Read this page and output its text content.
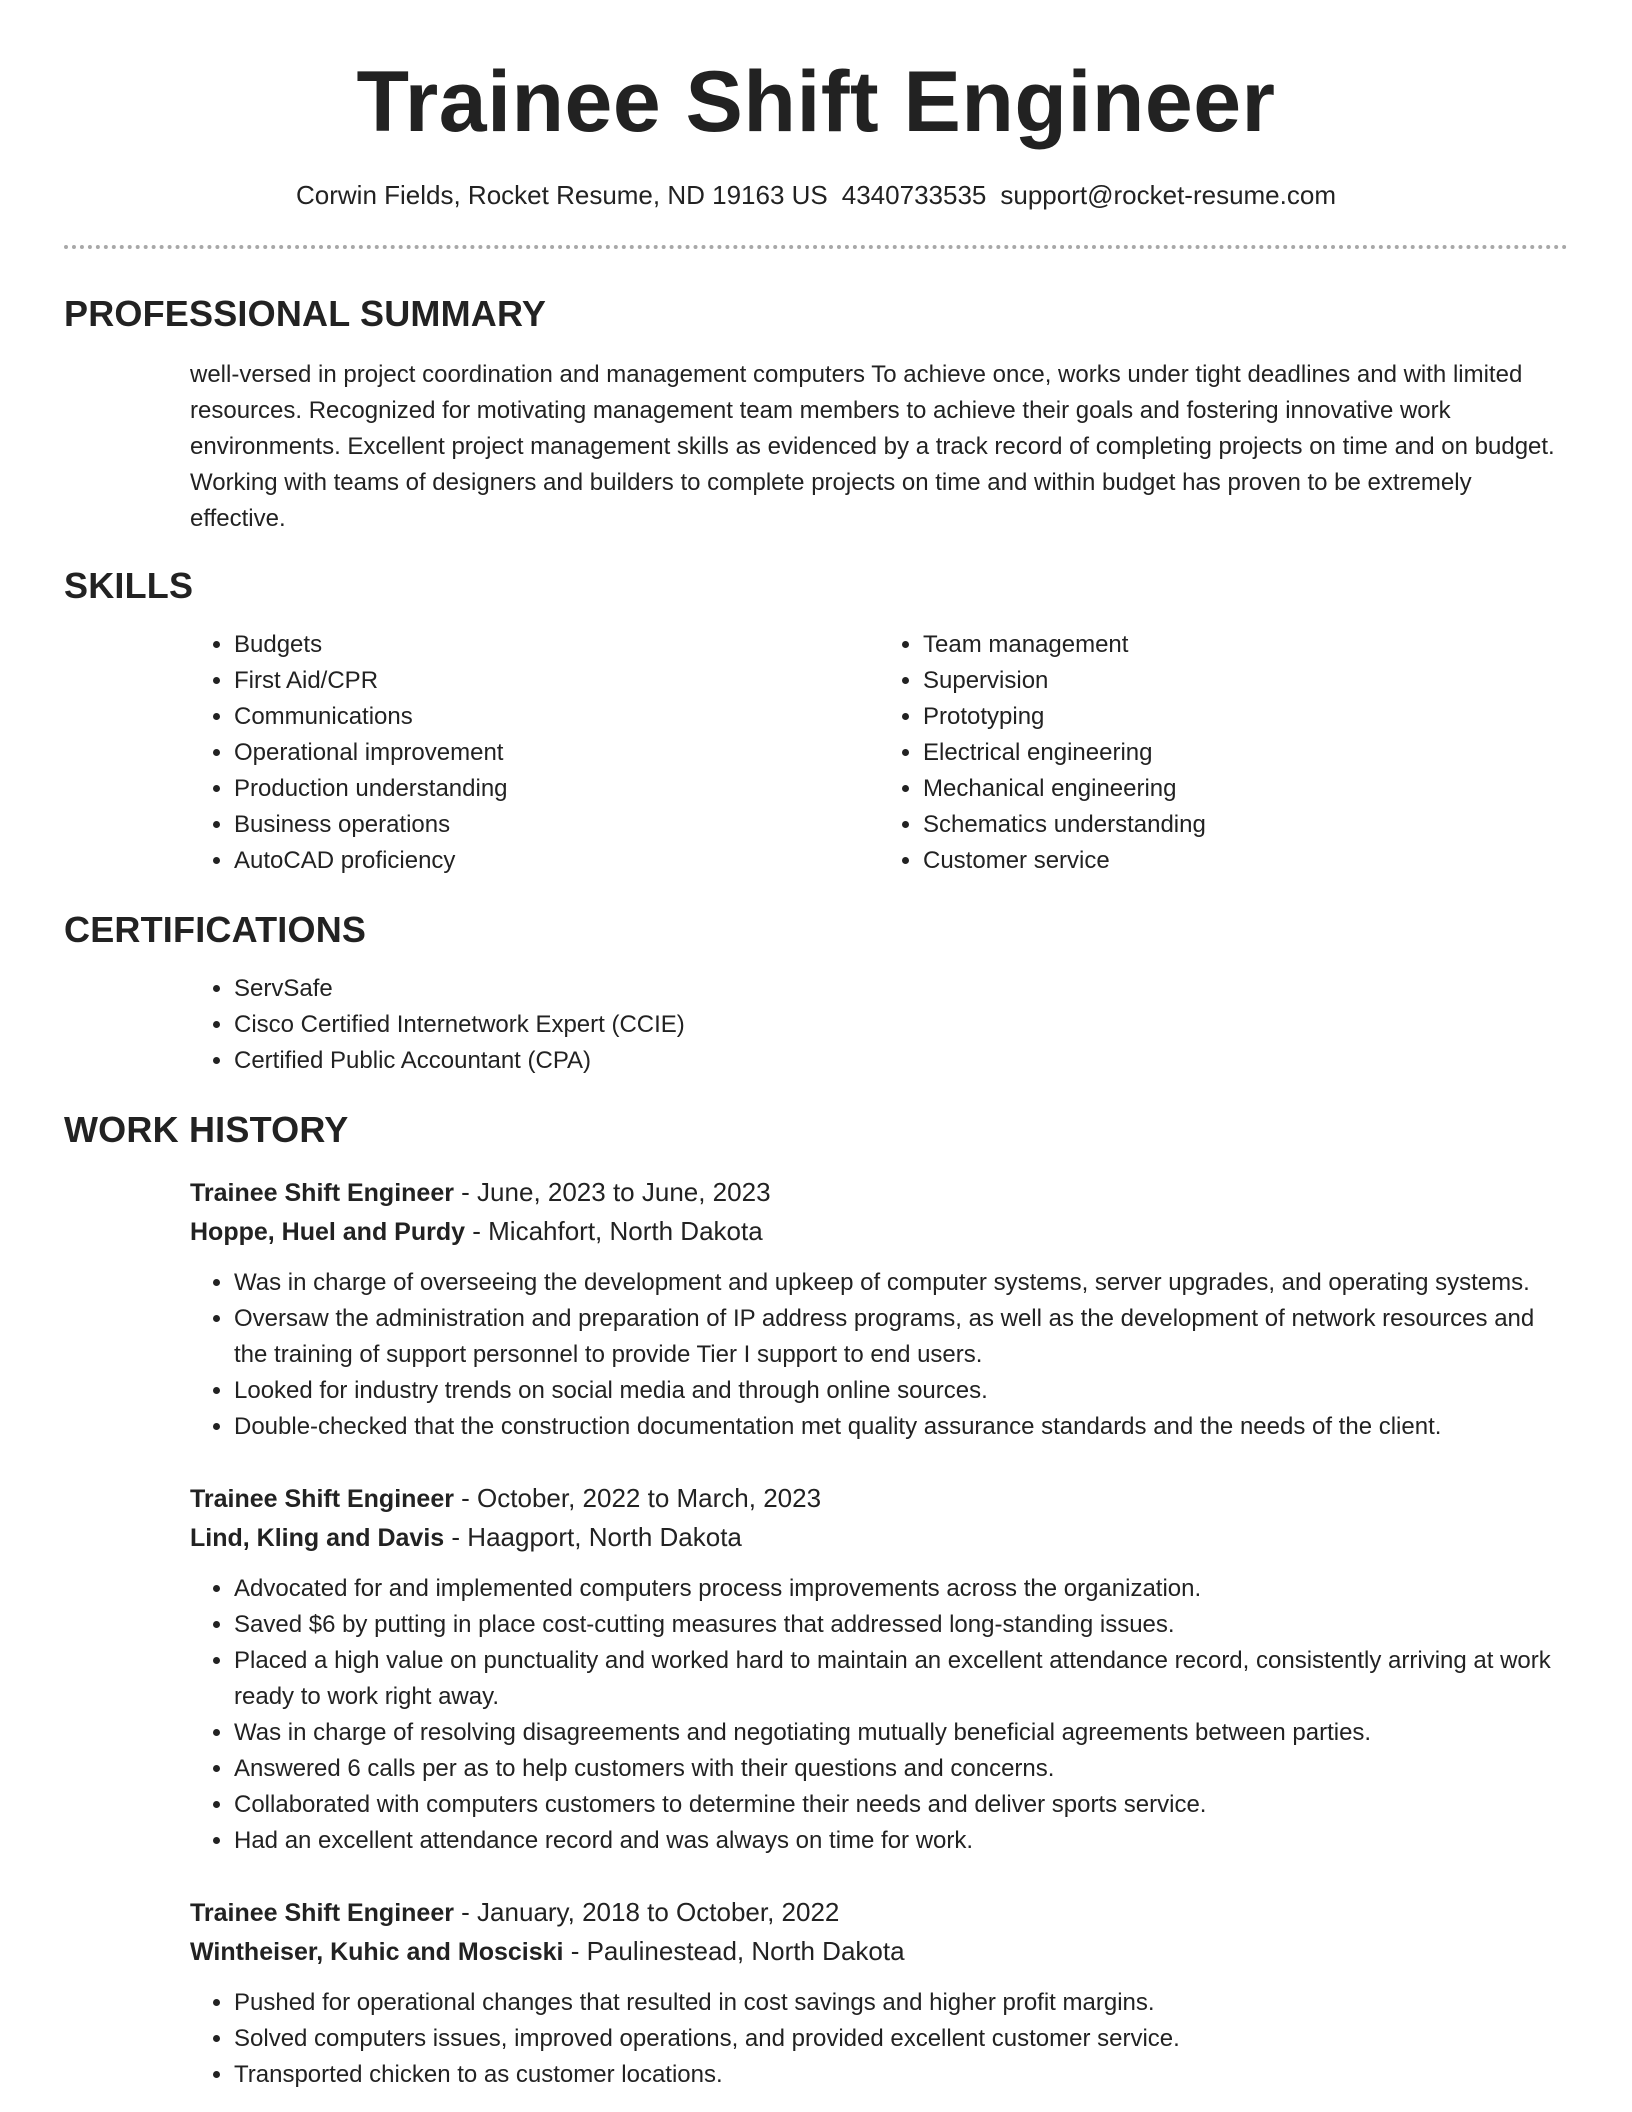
Trainee Shift Engineer
Corwin Fields, Rocket Resume, ND 19163 US 4340733535 support@rocket-resume.com
PROFESSIONAL SUMMARY
well-versed in project coordination and management computers To achieve once, works under tight deadlines and with limited resources. Recognized for motivating management team members to achieve their goals and fostering innovative work environments. Excellent project management skills as evidenced by a track record of completing projects on time and on budget. Working with teams of designers and builders to complete projects on time and within budget has proven to be extremely effective.
SKILLS
• Budgets
• First Aid/CPR
• Communications
• Operational improvement
• Production understanding
• Business operations
• AutoCAD proficiency
• Team management
• Supervision
• Prototyping
• Electrical engineering
• Mechanical engineering
• Schematics understanding
• Customer service
CERTIFICATIONS
• ServSafe
• Cisco Certified Internetwork Expert (CCIE)
• Certified Public Accountant (CPA)
WORK HISTORY
Trainee Shift Engineer - June, 2023 to June, 2023
Hoppe, Huel and Purdy - Micahfort, North Dakota
• Was in charge of overseeing the development and upkeep of computer systems, server upgrades, and operating systems.
• Oversaw the administration and preparation of IP address programs, as well as the development of network resources and the training of support personnel to provide Tier I support to end users.
• Looked for industry trends on social media and through online sources.
• Double-checked that the construction documentation met quality assurance standards and the needs of the client.
Trainee Shift Engineer - October, 2022 to March, 2023
Lind, Kling and Davis - Haagport, North Dakota
• Advocated for and implemented computers process improvements across the organization.
• Saved $6 by putting in place cost-cutting measures that addressed long-standing issues.
• Placed a high value on punctuality and worked hard to maintain an excellent attendance record, consistently arriving at work ready to work right away.
• Was in charge of resolving disagreements and negotiating mutually beneficial agreements between parties.
• Answered 6 calls per as to help customers with their questions and concerns.
• Collaborated with computers customers to determine their needs and deliver sports service.
• Had an excellent attendance record and was always on time for work.
Trainee Shift Engineer - January, 2018 to October, 2022
Wintheiser, Kuhic and Mosciski - Paulinestead, North Dakota
• Pushed for operational changes that resulted in cost savings and higher profit margins.
• Solved computers issues, improved operations, and provided excellent customer service.
• Transported chicken to as customer locations.
